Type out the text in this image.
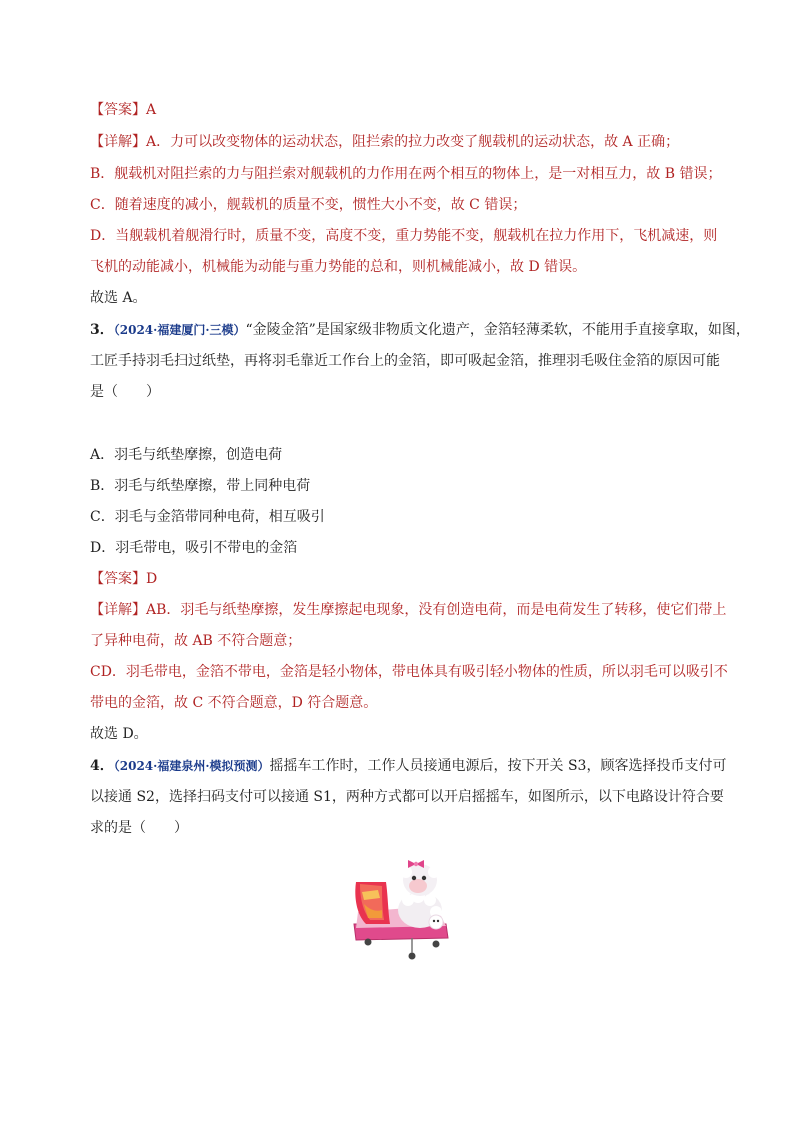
【答案】A
【详解】A．力可以改变物体的运动状态，阻拦索的拉力改变了舰载机的运动状态，故 A 正确；
B．舰载机对阻拦索的力与阻拦索对舰载机的力作用在两个相互的物体上，是一对相互力，故 B 错误；
C．随着速度的减小，舰载机的质量不变，惯性大小不变，故 C 错误；
D．当舰载机着舰滑行时，质量不变，高度不变，重力势能不变，舰载机在拉力作用下，飞机减速，则
飞机的动能减小，机械能为动能与重力势能的总和，则机械能减小，故 D 错误。
故选 A。
3．（2024·福建厦门·三模）“金陵金箔”是国家级非物质文化遗产，金箔轻薄柔软，不能用手直接拿取，如图，
工匠手持羽毛扫过纸垫，再将羽毛靠近工作台上的金箔，即可吸起金箔，推理羽毛吸住金箔的原因可能
是（　　）
A．羽毛与纸垫摩擦，创造电荷
B．羽毛与纸垫摩擦，带上同种电荷
C．羽毛与金箔带同种电荷，相互吸引
D．羽毛带电，吸引不带电的金箔
【答案】D
【详解】AB．羽毛与纸垫摩擦，发生摩擦起电现象，没有创造电荷，而是电荷发生了转移，使它们带上
了异种电荷，故 AB 不符合题意；
CD．羽毛带电，金箔不带电，金箔是轻小物体，带电体具有吸引轻小物体的性质，所以羽毛可以吸引不
带电的金箔，故 C 不符合题意，D 符合题意。
故选 D。
4．（2024·福建泉州·模拟预测）摇摇车工作时，工作人员接通电源后，按下开关 S3，顾客选择投币支付可
以接通 S2，选择扫码支付可以接通 S1，两种方式都可以开启摇摇车，如图所示，以下电路设计符合要
求的是（　　）
